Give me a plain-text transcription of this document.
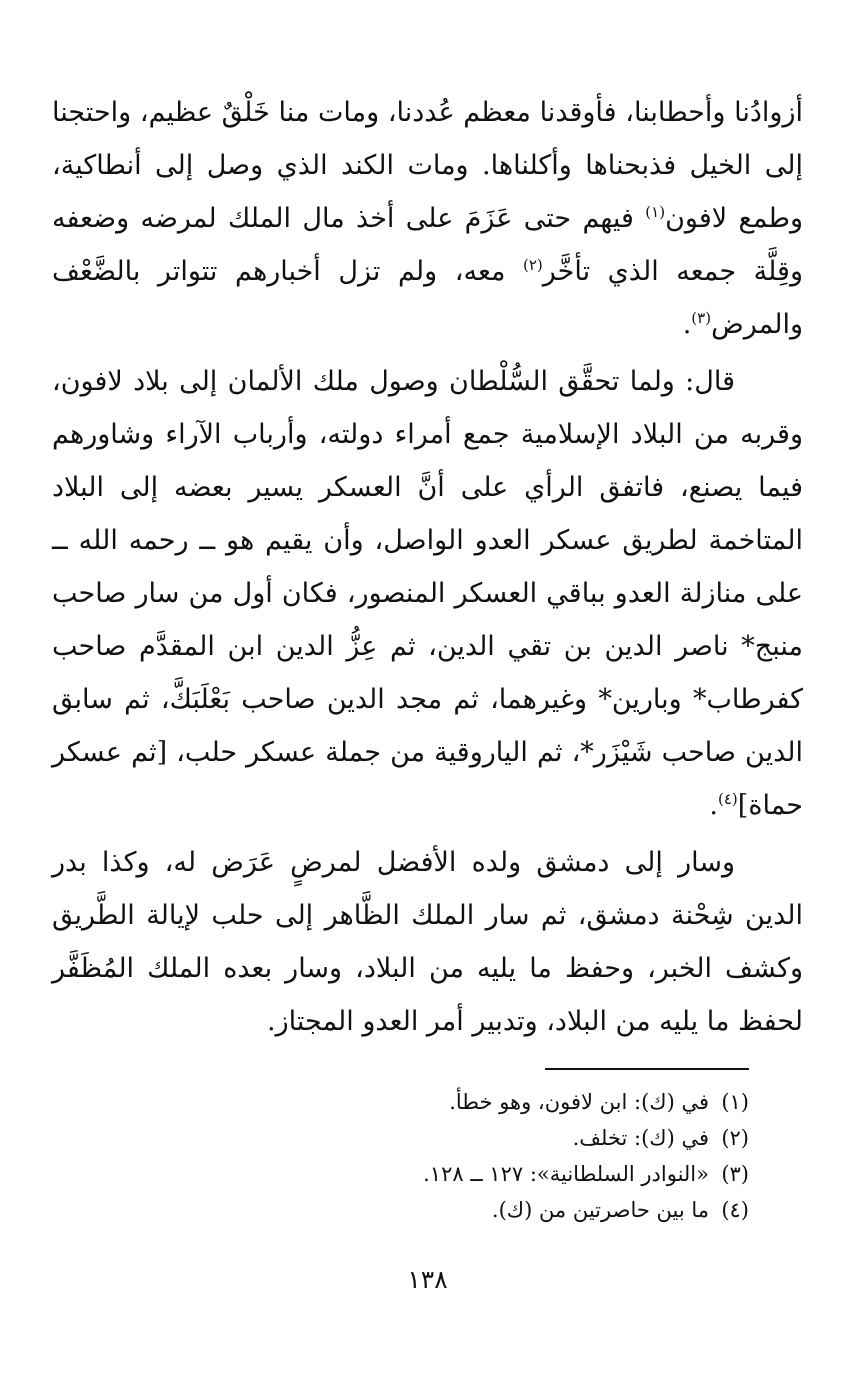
أزوادُنا وأحطابنا، فأوقدنا معظم عُددنا، ومات منا خَلْقٌ عظيم، واحتجنا إلى الخيل فذبحناها وأكلناها. ومات الكند الذي وصل إلى أنطاكية، وطمع لافون$^{(١)}$ فيهم حتى عَزَمَ على أخذ مال الملك لمرضه وضعفه وقِلَّة جمعه الذي تأخَّر$^{(٢)}$ معه، ولم تزل أخبارهم تتواتر بالضَّعْف والمرض$^{(٣)}$.

قال: ولما تحقَّق السُّلْطان وصول ملك الألمان إلى بلاد لافون، وقربه من البلاد الإسلامية جمع أمراء دولته، وأرباب الآراء وشاورهم فيما يصنع، فاتفق الرأي على أنَّ العسكر يسير بعضه إلى البلاد المتاخمة لطريق عسكر العدو الواصل، وأن يقيم هو ــ رحمه الله ــ على منازلة العدو بباقي العسكر المنصور، فكان أول من سار صاحب منبج* ناصر الدين بن تقي الدين، ثم عِزُّ الدين ابن المقدَّم صاحب كفرطاب* وبارين* وغيرهما، ثم مجد الدين صاحب بَعْلَبَكَّ، ثم سابق الدين صاحب شَيْزَر*، ثم الياروقية من جملة عسكر حلب، [ثم عسكر حماة]$^{(٤)}$.

وسار إلى دمشق ولده الأفضل لمرضٍ عَرَض له، وكذا بدر الدين شِحْنة دمشق، ثم سار الملك الظَّاهر إلى حلب لإيالة الطَّريق وكشف الخبر، وحفظ ما يليه من البلاد، وسار بعده الملك المُظَفَّر لحفظ ما يليه من البلاد، وتدبير أمر العدو المجتاز.

(١)في (ك): ابن لافون، وهو خطأ.
(٢)في (ك): تخلف.
(٣)«النوادر السلطانية»: ١٢٧ ــ ١٢٨.
(٤)ما بين حاصرتين من (ك).
١٣٨
